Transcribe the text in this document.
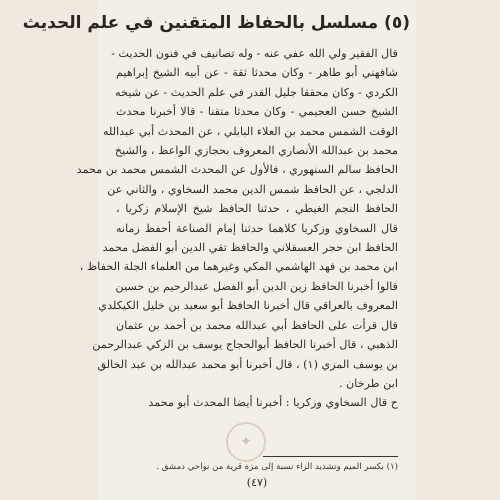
(٥) مسلسل بالحفاظ المتقنين في علم الحديث
قال الفقير ولي الله عفي عنه - وله تصانيف في فنون الحديث -
شافهني أبو طاهر - وكان محدثا ثقة - عن أبيه الشيخ إبراهيم
الكردي - وكان محققا جليل القدر في علم الحديث - عن شيخه
الشيخ حسن العجيمي - وكان محدثا متقنا - قالا أخبرنا محدث
الوقت الشمس محمد بن العلاء البابلي ، عن المحدث أبي عبدالله
محمد بن عبدالله الأنصاري المعروف بحجازي الواعظ ، والشيخ
الحافظ سالم السنهوري ، فالأول عن المحدث الشمس محمد بن محمد
الدلجي ، عن الحافظ شمس الدين محمد السخاوي ، والثاني عن
الحافظ النجم الغيطي ، حدثنا الحافظ شيخ الإسلام زكريا ،
قال السخاوي وزكريا كلاهما حدثنا إمام الصناعة أحفظ زمانه
الحافظ ابن حجر العسقلاني والحافظ تقي الدين أبو الفضل محمد
ابن محمد بن فهد الهاشمي المكي وغيرهما من العلماء الجلة الحفاظ ،
قالوا أخبرنا الحافظ زين الدين أبو الفضل عبدالرحيم بن حسين
المعروف بالعراقي قال أخبرنا الحافظ أبو سعيد بن خليل الكيكلدي
قال قرأت على الحافظ أبي عبدالله محمد بن أحمد بن عثمان
الذهبي ، قال أخبرنا الحافظ أبوالحجاج يوسف بن الزكي عبدالرحمن
بن يوسف المزي (١) ، قال أخبرنا أبو محمد عبدالله بن عبد الخالق
ابن طرخان .
ح قال السخاوي وزكريا : أخبرنا أيضا المحدث أبو محمد
✦
(١) بكسر الميم وتشديد الزاء نسبة إلى مزة قرية من نواحي دمشق .
(٤٧)
